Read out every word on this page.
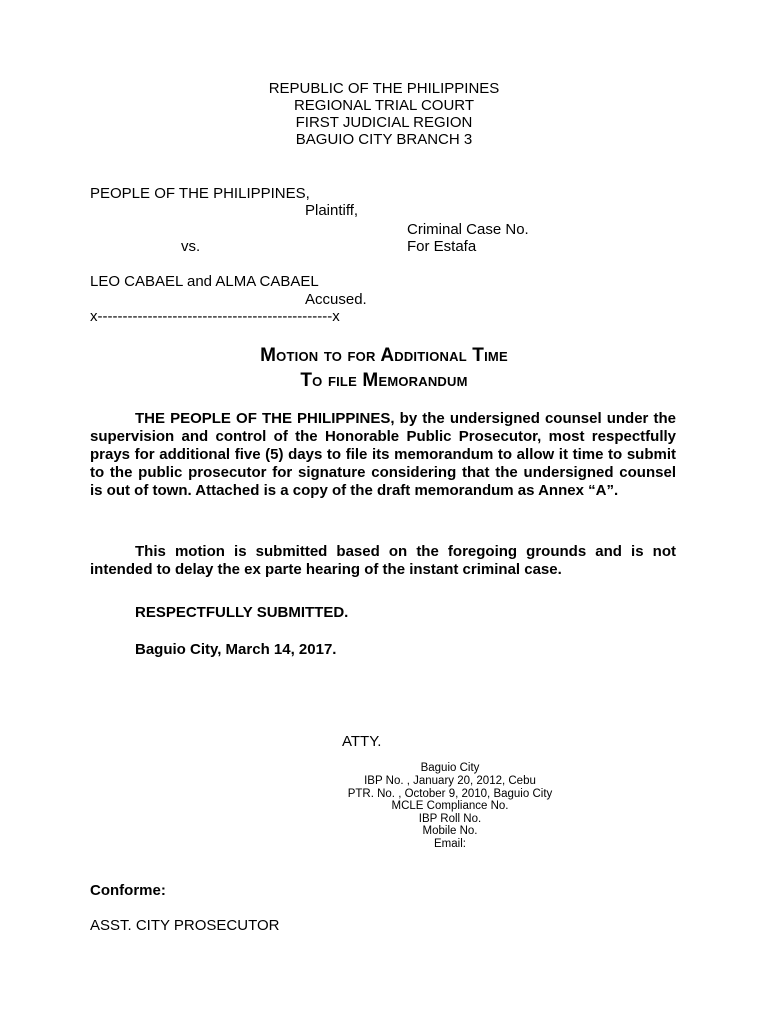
REPUBLIC OF THE PHILIPPINES
REGIONAL TRIAL COURT
FIRST JUDICIAL REGION
BAGUIO CITY BRANCH 3
PEOPLE OF THE PHILIPPINES,
Plaintiff,
Criminal Case No.
vs.	For Estafa
LEO CABAEL and ALMA CABAEL
Accused.
x-----------------------------------------------x
Motion to for Additional Time
To file Memorandum
THE PEOPLE OF THE PHILIPPINES, by the undersigned counsel under the supervision and control of the Honorable Public Prosecutor, most respectfully prays for additional five (5) days to file its memorandum to allow it time to submit to the public prosecutor for signature considering that the undersigned counsel is out of town. Attached is a copy of the draft memorandum as Annex “A”.
This motion is submitted based on the foregoing grounds and is not intended to delay the ex parte hearing of the instant criminal case.
RESPECTFULLY SUBMITTED.
Baguio City, March 14, 2017.
ATTY.
Baguio City
IBP No. , January 20, 2012, Cebu
PTR. No. , October 9, 2010, Baguio City
MCLE Compliance No.
IBP Roll No.
Mobile No.
Email:
Conforme:
ASST. CITY PROSECUTOR
